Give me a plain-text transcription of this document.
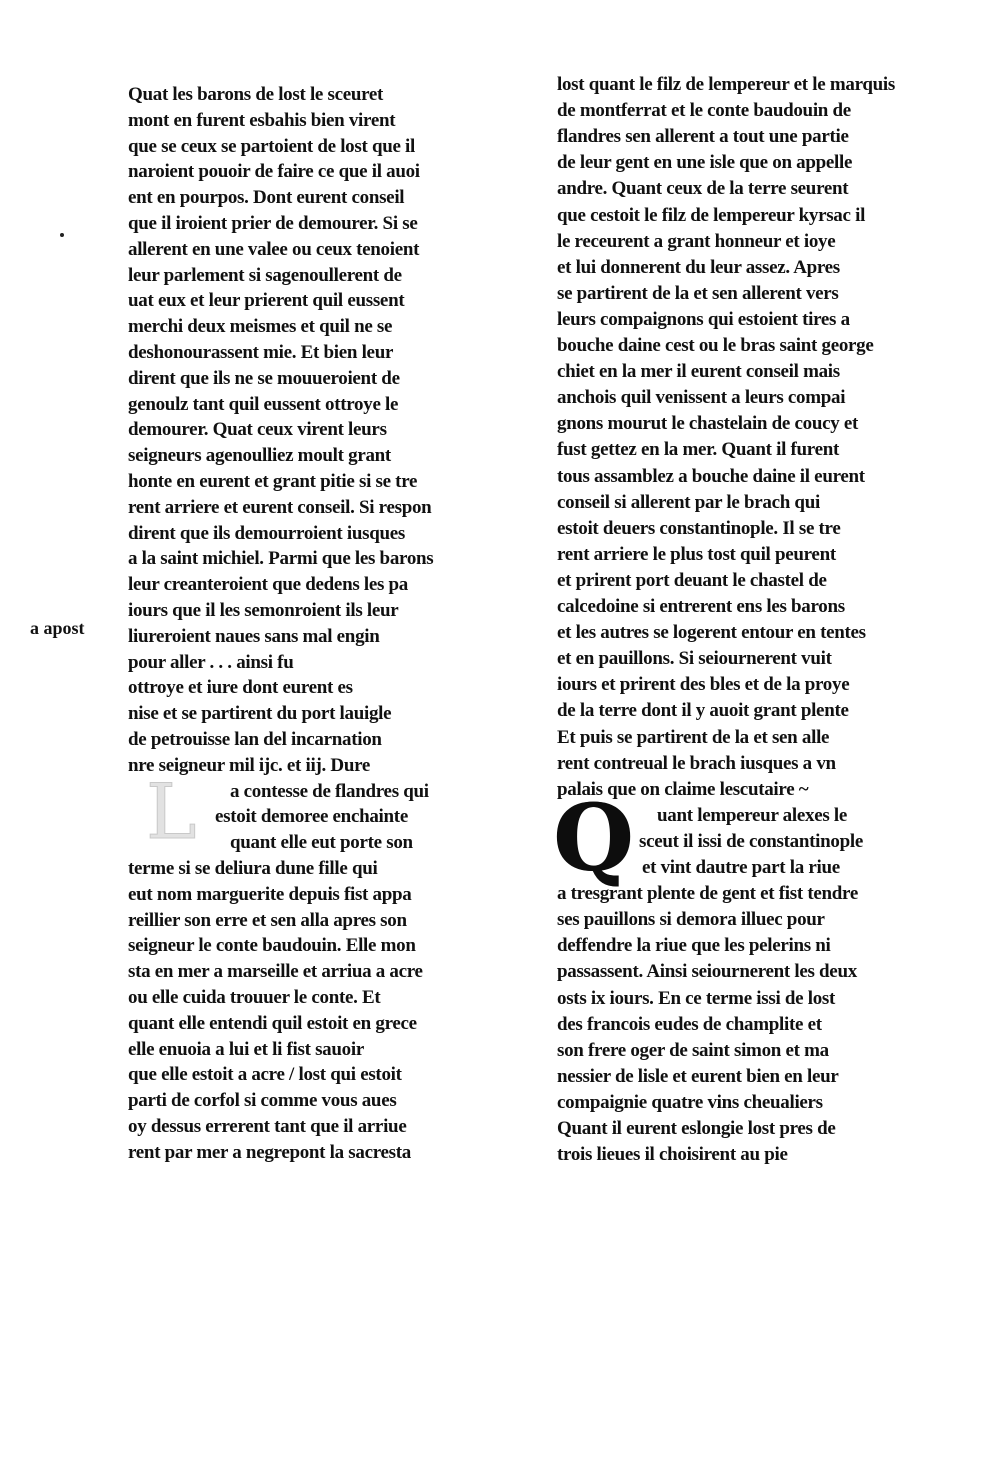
a apost
L	Q
Quat les barons de lost le sceuret
mont en furent esbahis bien virent
que se ceux se partoient de lost que il
naroient pouoir de faire ce que il auoi
ent en pourpos. Dont eurent conseil
que il iroient prier de demourer. Si se
allerent en une valee ou ceux tenoient
leur parlement si sagenoullerent de
uat eux et leur prierent quil eussent
merchi deux meismes et quil ne se
deshonourassent mie. Et bien leur
dirent que ils ne se mouueroient de
genoulz tant quil eussent ottroye le
demourer. Quat ceux virent leurs
seigneurs agenoulliez moult grant
honte en eurent et grant pitie si se tre
rent arriere et eurent conseil. Si respon
dirent que ils demourroient iusques
a la saint michiel. Parmi que les barons
leur creanteroient que dedens les pa
iours que il les semonroient ils leur
liureroient naues sans mal engin
pour aller . . . ainsi fu
ottroye et iure dont eurent es
nise et se partirent du port lauigle
de petrouisse lan del incarnation
nre seigneur mil ijc. et iij. Dure
a contesse de flandres qui
estoit demoree enchainte
quant elle eut porte son
terme si se deliura dune fille qui
eut nom marguerite depuis fist appa
reillier son erre et sen alla apres son
seigneur le conte baudouin. Elle mon
sta en mer a marseille et arriua a acre
ou elle cuida trouuer le conte. Et
quant elle entendi quil estoit en grece
elle enuoia a lui et li fist sauoir
que elle estoit a acre / lost qui estoit
parti de corfol si comme vous aues
oy dessus errerent tant que il arriue
rent par mer a negrepont la sacresta
lost quant le filz de lempereur et le marquis
de montferrat et le conte baudouin de
flandres sen allerent a tout une partie
de leur gent en une isle que on appelle
andre. Quant ceux de la terre seurent
que cestoit le filz de lempereur kyrsac il
le receurent a grant honneur et ioye
et lui donnerent du leur assez. Apres
se partirent de la et sen allerent vers
leurs compaignons qui estoient tires a
bouche daine cest ou le bras saint george
chiet en la mer il eurent conseil mais
anchois quil venissent a leurs compai
gnons mourut le chastelain de coucy et
fust gettez en la mer. Quant il furent
tous assamblez a bouche daine il eurent
conseil si allerent par le brach qui
estoit deuers constantinople. Il se tre
rent arriere le plus tost quil peurent
et prirent port deuant le chastel de
calcedoine si entrerent ens les barons
et les autres se logerent entour en tentes
et en pauillons. Si seiournerent vuit
iours et prirent des bles et de la proye
de la terre dont il y auoit grant plente
Et puis se partirent de la et sen alle
rent contreual le brach iusques a vn
palais que on claime lescutaire ~
uant lempereur alexes le
sceut il issi de constantinople
et vint dautre part la riue
a tresgrant plente de gent et fist tendre
ses pauillons si demora illuec pour
deffendre la riue que les pelerins ni
passassent. Ainsi seiournerent les deux
osts ix iours. En ce terme issi de lost
des francois eudes de champlite et
son frere oger de saint simon et ma
nessier de lisle et eurent bien en leur
compaignie quatre vins cheualiers
Quant il eurent eslongie lost pres de
trois lieues il choisirent au pie
